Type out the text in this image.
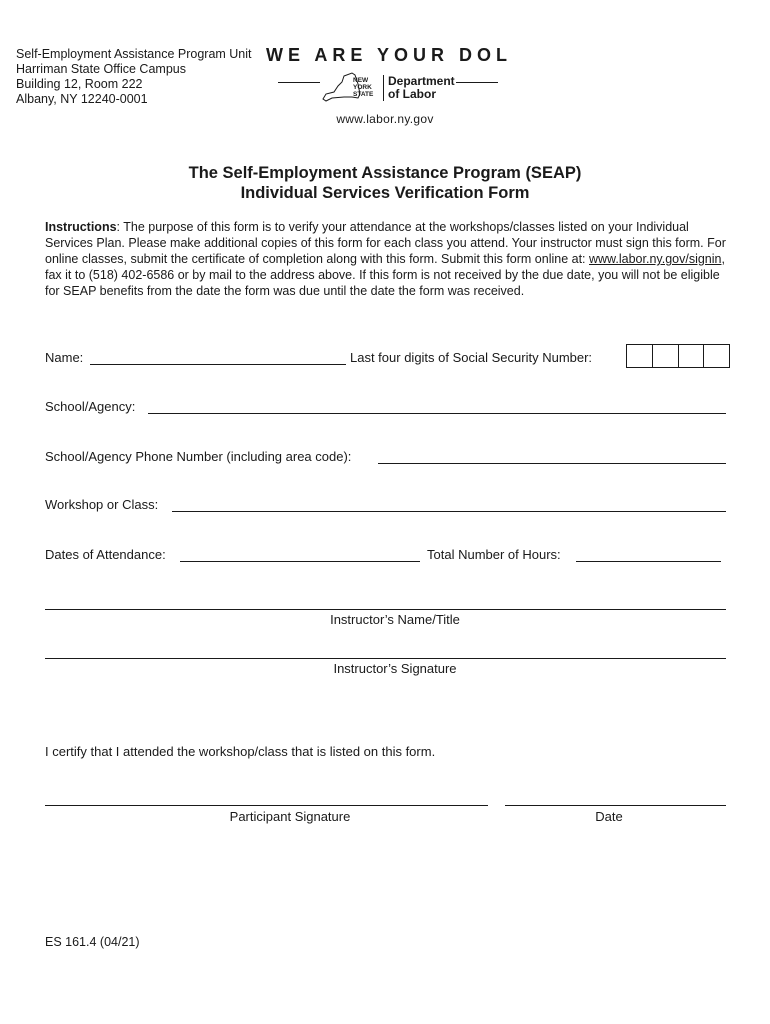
Self-Employment Assistance Program Unit
Harriman State Office Campus
Building 12, Room 222
Albany, NY 12240-0001
WE ARE YOUR DOL
NEW
YORK
STATE
Department
of Labor
www.labor.ny.gov
The Self-Employment Assistance Program (SEAP)
Individual Services Verification Form
Instructions: The purpose of this form is to verify your attendance at the workshops/classes listed on your Individual Services Plan. Please make additional copies of this form for each class you attend. Your instructor must sign this form. For online classes, submit the certificate of completion along with this form. Submit this form online at: www.labor.ny.gov/signin, fax it to (518) 402-6586 or by mail to the address above. If this form is not received by the due date, you will not be eligible for SEAP benefits from the date the form was due until the date the form was received.
Name:	Last four digits of Social Security Number:
School/Agency:
School/Agency Phone Number (including area code):
Workshop or Class:
Dates of Attendance:	Total Number of Hours:
Instructor’s Name/Title
Instructor’s Signature
I certify that I attended the workshop/class that is listed on this form.
Participant Signature	Date
ES 161.4 (04/21)
